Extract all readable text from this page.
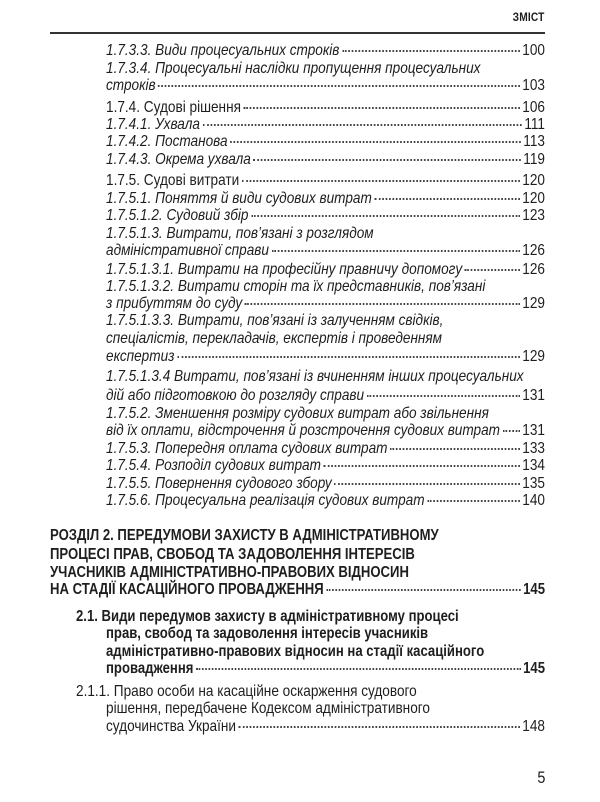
ЗМІСТ
1.7.3.3. Види процесуальних строків	100
1.7.3.4. Процесуальні наслідки пропущення процесуальних
строків	103
1.7.4. Судові рішення	106
1.7.4.1. Ухвала	111
1.7.4.2. Постанова	113
1.7.4.3. Окрема ухвала	119
1.7.5. Судові витрати	120
1.7.5.1. Поняття й види судових витрат	120
1.7.5.1.2. Судовий збір	123
1.7.5.1.3. Витрати, пов’язані з розглядом
адміністративної справи	126
1.7.5.1.3.1. Витрати на професійну правничу допомогу	126
1.7.5.1.3.2. Витрати сторін та їх представників, пов’язані
з прибуттям до суду	129
1.7.5.1.3.3. Витрати, пов’язані із залученням свідків,
спеціалістів, перекладачів, експертів і проведенням
експертиз	129
1.7.5.1.3.4 Витрати, пов’язані із вчиненням інших процесуальних
дій або підготовкою до розгляду справи	131
1.7.5.2. Зменшення розміру судових витрат або звільнення
від їх оплати, відстрочення й розстрочення судових витрат 131
1.7.5.3. Попередня оплата судових витрат	133
1.7.5.4. Розподіл судових витрат	134
1.7.5.5. Повернення судового збору	135
1.7.5.6. Процесуальна реалізація судових витрат	140
РОЗДІЛ 2. ПЕРЕДУМОВИ ЗАХИСТУ В АДМІНІСТРАТИВНОМУ
ПРОЦЕСІ ПРАВ, СВОБОД ТА ЗАДОВОЛЕННЯ ІНТЕРЕСІВ
УЧАСНИКІВ АДМІНІСТРАТИВНО-ПРАВОВИХ ВІДНОСИН
НА СТАДІЇ КАСАЦІЙНОГО ПРОВАДЖЕННЯ	145
2.1. Види передумов захисту в адміністративному процесі
прав, свобод та задоволення інтересів учасників
адміністративно-правових відносин на стадії касаційного
провадження	145
2.1.1. Право особи на касаційне оскарження судового
рішення, передбачене Кодексом адміністративного
судочинства України	148
5
